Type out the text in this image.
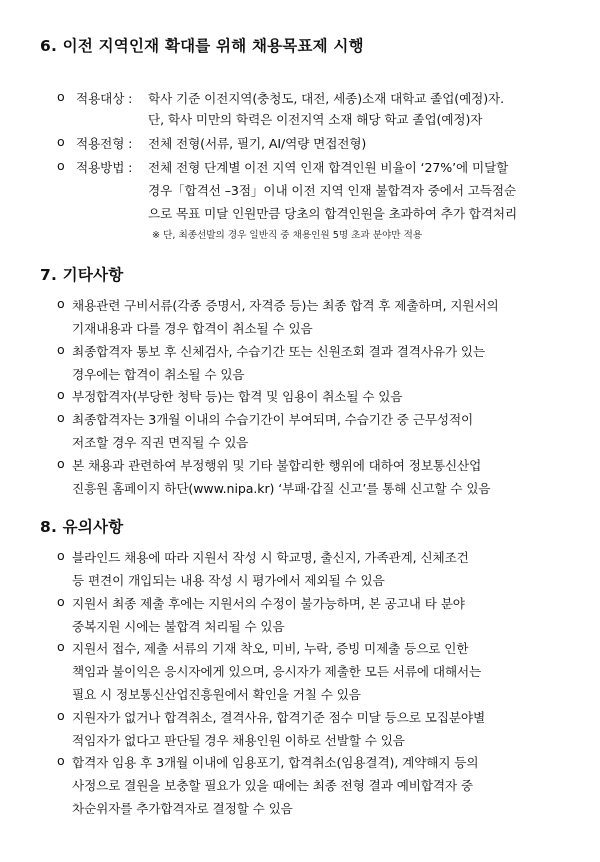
6. 이전 지역인재 확대를 위해 채용목표제 시행
o 적용대상 : 학사 기준 이전지역(충청도, 대전, 세종)소재 대학교 졸업(예정)자.
단, 학사 미만의 학력은 이전지역 소재 해당 학교 졸업(예정)자
o 적용전형 : 전체 전형(서류, 필기, AI/역량 면접전형)
o 적용방법 : 전체 전형 단계별 이전 지역 인재 합격인원 비율이 ‘27%’에 미달할
경우「합격선 –3점」이내 이전 지역 인재 불합격자 중에서 고득점순
으로 목표 미달 인원만큼 당초의 합격인원을 초과하여 추가 합격처리
※ 단, 최종선발의 경우 일반직 중 채용인원 5명 초과 분야만 적용
7. 기타사항
o 채용관련 구비서류(각종 증명서, 자격증 등)는 최종 합격 후 제출하며, 지원서의
기재내용과 다를 경우 합격이 취소될 수 있음
o 최종합격자 통보 후 신체검사, 수습기간 또는 신원조회 결과 결격사유가 있는
경우에는 합격이 취소될 수 있음
o 부정합격자(부당한 청탁 등)는 합격 및 임용이 취소될 수 있음
o 최종합격자는 3개월 이내의 수습기간이 부여되며, 수습기간 중 근무성적이
저조할 경우 직권 면직될 수 있음
o 본 채용과 관련하여 부정행위 및 기타 불합리한 행위에 대하여 정보통신산업
진흥원 홈페이지 하단(www.nipa.kr) ‘부패·갑질 신고’를 통해 신고할 수 있음
8. 유의사항
o 블라인드 채용에 따라 지원서 작성 시 학교명, 출신지, 가족관계, 신체조건
등 편견이 개입되는 내용 작성 시 평가에서 제외될 수 있음
o 지원서 최종 제출 후에는 지원서의 수정이 불가능하며, 본 공고내 타 분야
중복지원 시에는 불합격 처리될 수 있음
o 지원서 접수, 제출 서류의 기재 착오, 미비, 누락, 증빙 미제출 등으로 인한
책임과 불이익은 응시자에게 있으며, 응시자가 제출한 모든 서류에 대해서는
필요 시 정보통신산업진흥원에서 확인을 거칠 수 있음
o 지원자가 없거나 합격취소, 결격사유, 합격기준 점수 미달 등으로 모집분야별
적임자가 없다고 판단될 경우 채용인원 이하로 선발할 수 있음
o 합격자 임용 후 3개월 이내에 임용포기, 합격취소(임용결격), 계약해지 등의
사정으로 결원을 보충할 필요가 있을 때에는 최종 전형 결과 예비합격자 중
차순위자를 추가합격자로 결정할 수 있음
